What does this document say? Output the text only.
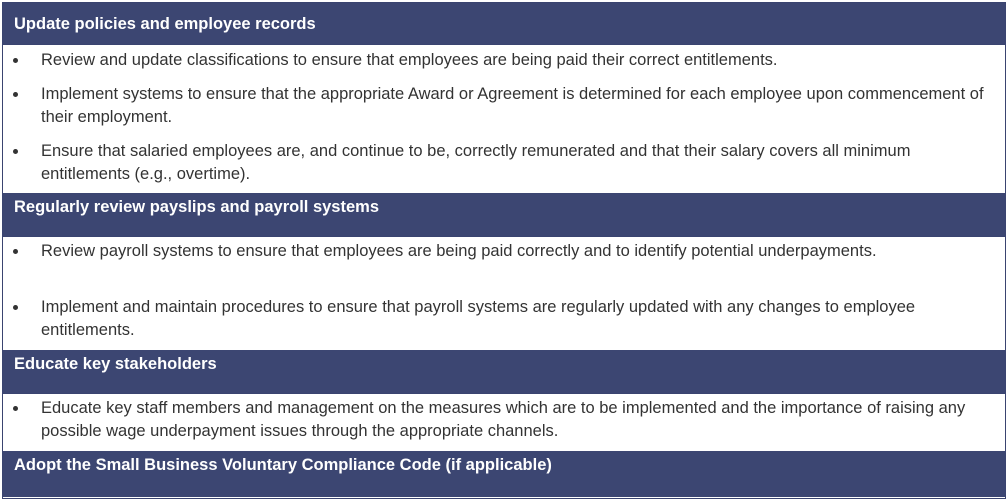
Update policies and employee records
Review and update classifications to ensure that employees are being paid their correct entitlements.
Implement systems to ensure that the appropriate Award or Agreement is determined for each employee upon commencement of their employment.
Ensure that salaried employees are, and continue to be, correctly remunerated and that their salary covers all minimum entitlements (e.g., overtime).
Regularly review payslips and payroll systems
Review payroll systems to ensure that employees are being paid correctly and to identify potential underpayments.
Implement and maintain procedures to ensure that payroll systems are regularly updated with any changes to employee entitlements.
Educate key stakeholders
Educate key staff members and management on the measures which are to be implemented and the importance of raising any possible wage underpayment issues through the appropriate channels.
Adopt the Small Business Voluntary Compliance Code (if applicable)
